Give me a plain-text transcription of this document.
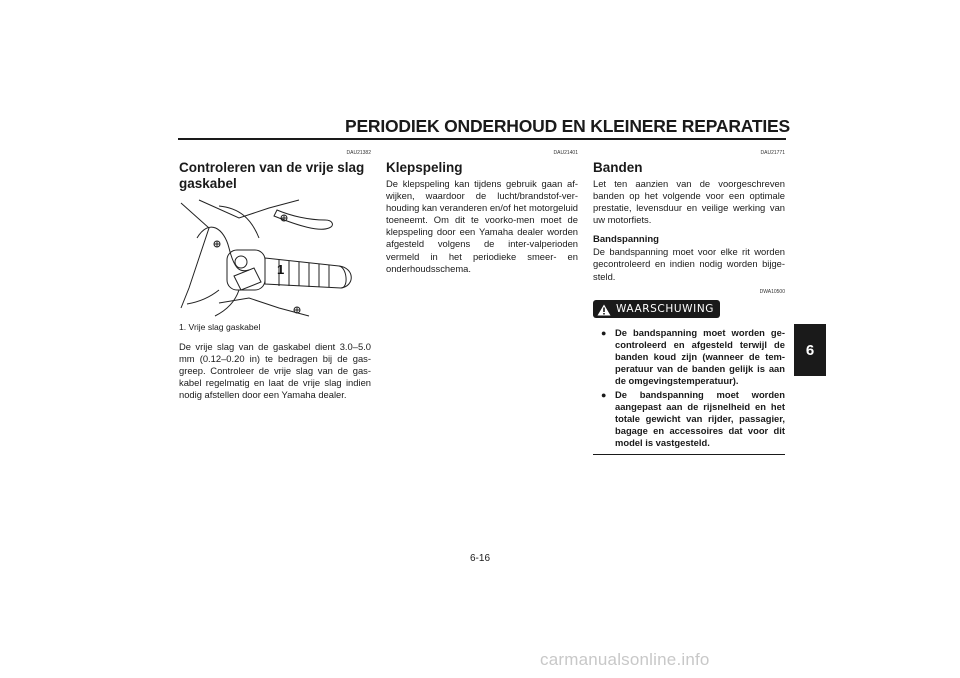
PERIODIEK ONDERHOUD EN KLEINERE REPARATIES
6
DAU21382
Controleren van de vrije slag gaskabel
1
1. Vrije slag gaskabel

De vrije slag van de gaskabel dient 3.0–5.0 mm (0.12–0.20 in) te bedragen bij de gas-greep. Controleer de vrije slag van de gas-kabel regelmatig en laat de vrije slag indien nodig afstellen door een Yamaha dealer.

DAU21401
Klepspeling

De klepspeling kan tijdens gebruik gaan af-wijken, waardoor de lucht/brandstof-ver-houding kan veranderen en/of het motorgeluid toeneemt. Om dit te voorko-men moet de klepspeling door een Yamaha dealer worden afgesteld volgens de inter-valperioden vermeld in het periodieke smeer- en onderhoudsschema.

DAU21771
Banden

Let ten aanzien van de voorgeschreven banden op het volgende voor een optimale prestatie, levensduur en veilige werking van uw motorfiets.

Bandspanning

De bandspanning moet voor elke rit worden gecontroleerd en indien nodig worden bijge-steld.

DWA10500
WAARSCHUWING
● De bandspanning moet worden ge-controleerd en afgesteld terwijl de banden koud zijn (wanneer de tem-peratuur van de banden gelijk is aan de omgevingstemperatuur).
● De bandspanning moet worden aangepast aan de rijsnelheid en het totale gewicht van rijder, passagier, bagage en accessoires dat voor dit model is vastgesteld.
6-16
carmanualsonline.info
